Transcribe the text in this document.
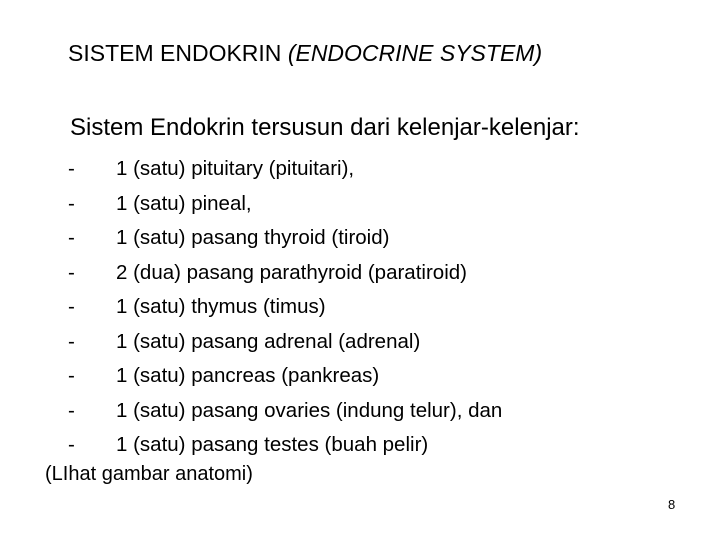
SISTEM ENDOKRIN (ENDOCRINE SYSTEM)
Sistem Endokrin tersusun dari kelenjar-kelenjar:
- 1 (satu) pituitary (pituitari),
- 1 (satu) pineal,
- 1 (satu) pasang thyroid (tiroid)
- 2 (dua) pasang parathyroid (paratiroid)
- 1 (satu) thymus (timus)
- 1 (satu) pasang adrenal (adrenal)
- 1 (satu) pancreas (pankreas)
- 1 (satu) pasang ovaries (indung telur), dan
- 1 (satu) pasang testes (buah pelir)
(LIhat gambar anatomi)
8
